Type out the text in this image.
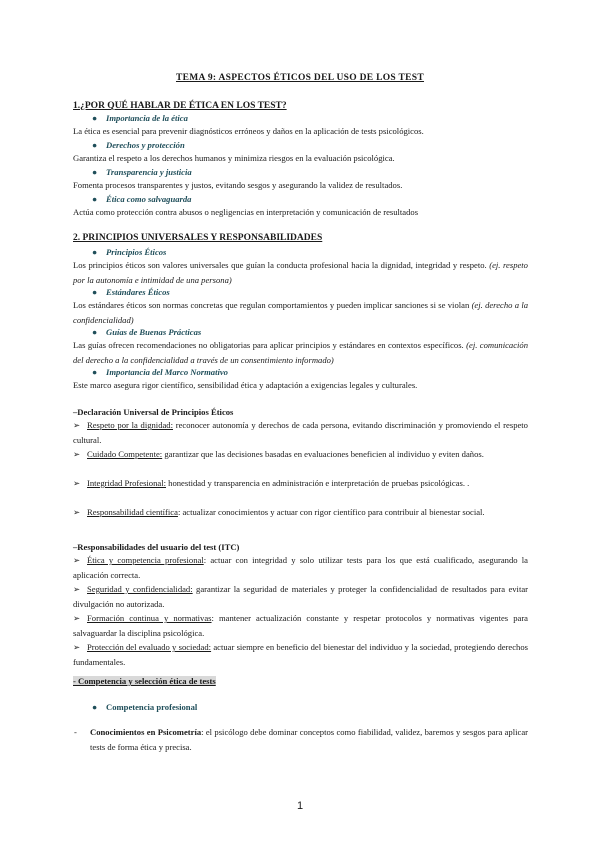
TEMA 9: ASPECTOS ÉTICOS DEL USO DE LOS TEST
1.¿POR QUÉ HABLAR DE ÉTICA EN LOS TEST?
● Importancia de la ética
La ética es esencial para prevenir diagnósticos erróneos y daños en la aplicación de tests psicológicos.
● Derechos y protección
Garantiza el respeto a los derechos humanos y minimiza riesgos en la evaluación psicológica.
● Transparencia y justicia
Fomenta procesos transparentes y justos, evitando sesgos y asegurando la validez de resultados.
● Ética como salvaguarda
Actúa como protección contra abusos o negligencias en interpretación y comunicación de resultados
2. PRINCIPIOS UNIVERSALES Y RESPONSABILIDADES
● Principios Éticos
Los principios éticos son valores universales que guían la conducta profesional hacia la dignidad, integridad y respeto. (ej. respeto por la autonomía e intimidad de una persona)
● Estándares Éticos
Los estándares éticos son normas concretas que regulan comportamientos y pueden implicar sanciones si se violan (ej. derecho a la confidencialidad)
● Guías de Buenas Prácticas
Las guías ofrecen recomendaciones no obligatorias para aplicar principios y estándares en contextos específicos. (ej. comunicación del derecho a la confidencialidad a través de un consentimiento informado)
● Importancia del Marco Normativo
Este marco asegura rigor científico, sensibilidad ética y adaptación a exigencias legales y culturales.
–Declaración Universal de Principios Éticos
➢ Respeto por la dignidad: reconocer autonomía y derechos de cada persona, evitando discriminación y promoviendo el respeto cultural.
➢ Cuidado Competente: garantizar que las decisiones basadas en evaluaciones beneficien al individuo y eviten daños.
➢ Integridad Profesional: honestidad y transparencia en administración e interpretación de pruebas psicológicas. .
➢ Responsabilidad científica: actualizar conocimientos y actuar con rigor científico para contribuir al bienestar social.
–Responsabilidades del usuario del test (ITC)
➢ Ética y competencia profesional: actuar con integridad y solo utilizar tests para los que está cualificado, asegurando la aplicación correcta.
➢ Seguridad y confidencialidad: garantizar la seguridad de materiales y proteger la confidencialidad de resultados para evitar divulgación no autorizada.
➢ Formación continua y normativas: mantener actualización constante y respetar protocolos y normativas vigentes para salvaguardar la disciplina psicológica.
➢ Protección del evaluado y sociedad: actuar siempre en beneficio del bienestar del individuo y la sociedad, protegiendo derechos fundamentales.
- Competencia y selección ética de tests
● Competencia profesional
- Conocimientos en Psicometría: el psicólogo debe dominar conceptos como fiabilidad, validez, baremos y sesgos para aplicar tests de forma ética y precisa.
1
